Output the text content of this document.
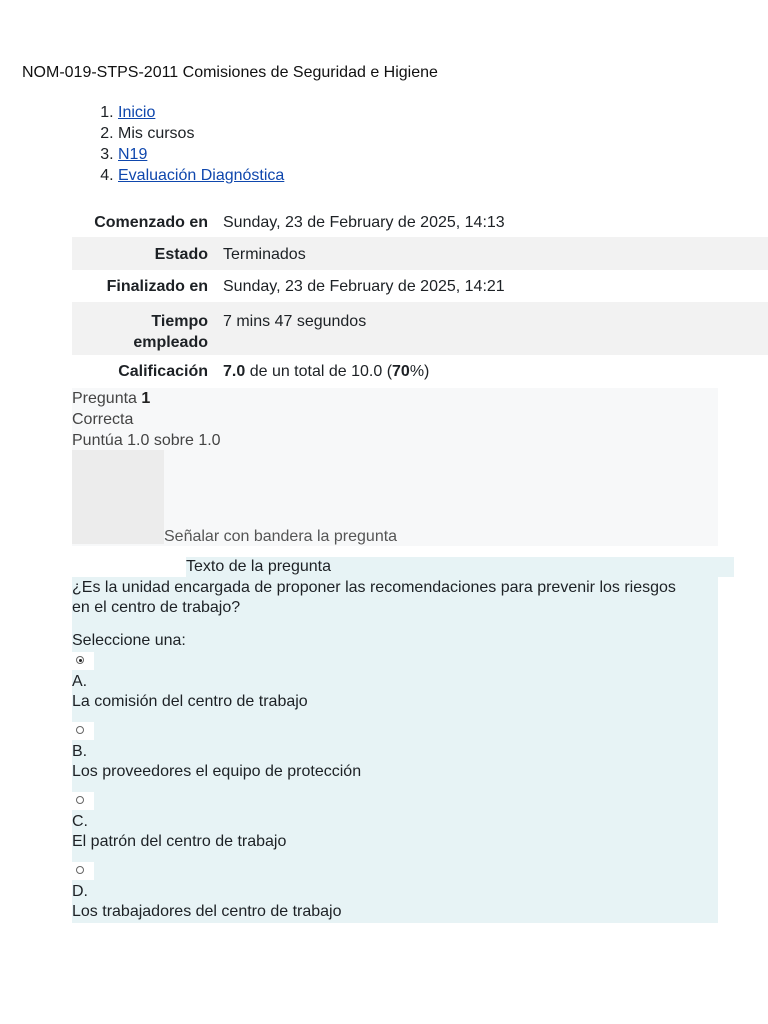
NOM-019-STPS-2011 Comisiones de Seguridad e Higiene
1. Inicio
2. Mis cursos
3. N19
4. Evaluación Diagnóstica
Comenzado en Sunday, 23 de February de 2025, 14:13
Estado Terminados
Finalizado en Sunday, 23 de February de 2025, 14:21
Tiempo empleado
7 mins 47 segundos
Calificación 7.0 de un total de 10.0 (70%)
Pregunta 1
Correcta
Puntúa 1.0 sobre 1.0
Señalar con bandera la pregunta
Texto de la pregunta
¿Es la unidad encargada de proponer las recomendaciones para prevenir los riesgos en el centro de trabajo?
Seleccione una:
A.
La comisión del centro de trabajo
B.
Los proveedores el equipo de protección
C.
El patrón del centro de trabajo
D.
Los trabajadores del centro de trabajo
